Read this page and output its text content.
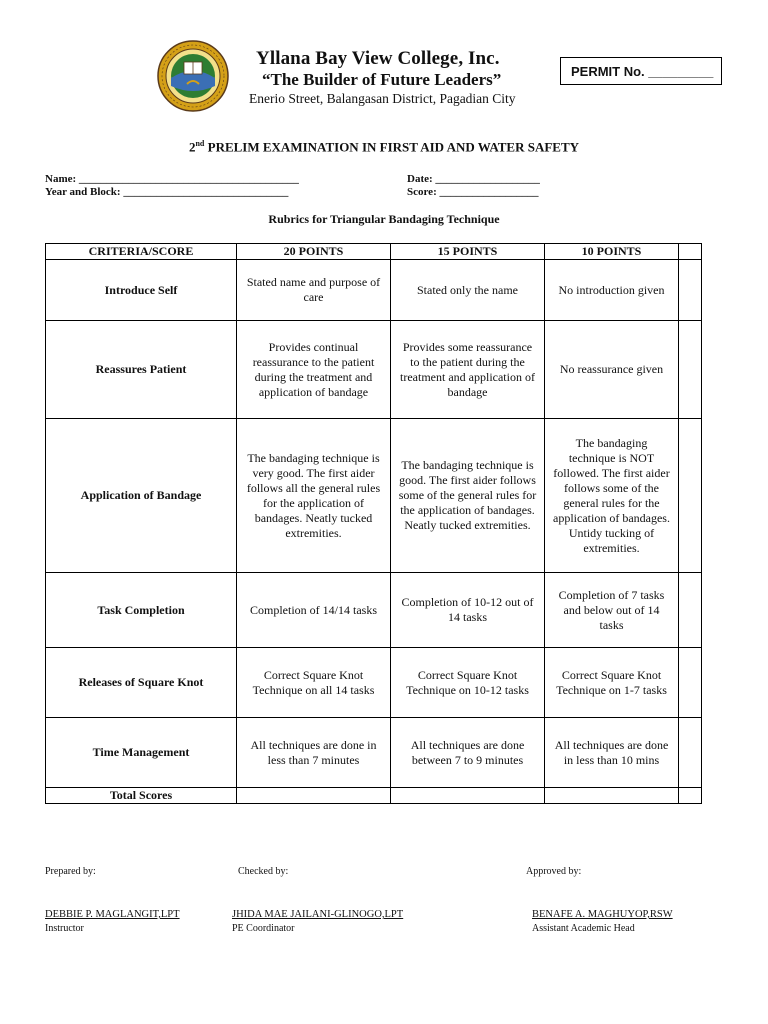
Yllana Bay View College, Inc.
“The Builder of Future Leaders”
Enerio Street, Balangasan District, Pagadian City
PERMIT No. _________
2nd PRELIM EXAMINATION IN FIRST AID AND WATER SAFETY
Name: ________________________________________
Year and Block: ______________________________
Date: ___________________
Score: __________________
Rubrics for Triangular Bandaging Technique
CRITERIA/SCORE	20 POINTS	15 POINTS	10 POINTS	
Introduce Self	Stated name and purpose of care	Stated only the name	No introduction given	
Reassures Patient	Provides continual reassurance to the patient during the treatment and application of bandage	Provides some reassurance to the patient during the treatment and application of bandage	No reassurance given	
Application of Bandage	The bandaging technique is very good. The first aider follows all the general rules for the application of bandages. Neatly tucked extremities.	The bandaging technique is good. The first aider follows some of the general rules for the application of bandages. Neatly tucked extremities.	The bandaging technique is NOT followed. The first aider follows some of the general rules for the application of bandages. Untidy tucking of extremities.	
Task Completion	Completion of 14/14 tasks	Completion of 10-12 out of 14 tasks	Completion of 7 tasks and below out of 14 tasks	
Releases of Square Knot	Correct Square Knot Technique on all 14 tasks	Correct Square Knot Technique on 10-12 tasks	Correct Square Knot Technique on 1-7 tasks	
Time Management	All techniques are done in less than 7 minutes	All techniques are done between 7 to 9 minutes	All techniques are done in less than 10 mins	
Total Scores				
Prepared by:	Checked by:	Approved by:
DEBBIE P. MAGLANGIT,LPT	JHIDA MAE JAILANI-GLINOGO,LPT	BENAFE A. MAGHUYOP,RSW
Instructor	PE Coordinator	Assistant Academic Head
